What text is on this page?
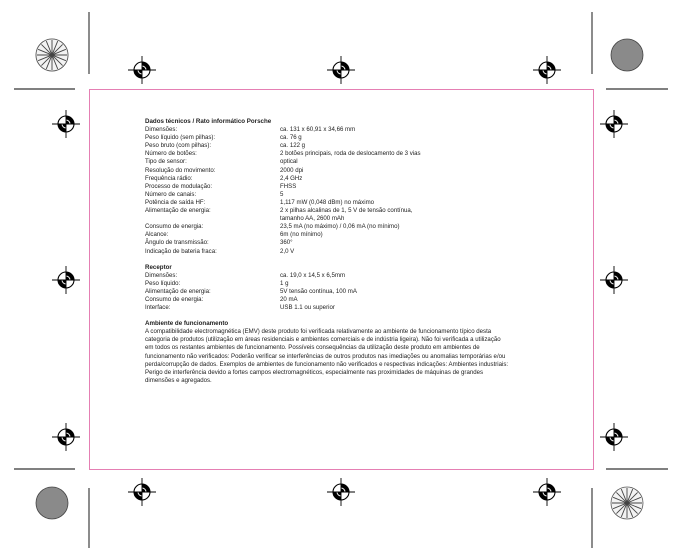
Dados técnicos / Rato informático Porsche
Dimensões:	ca. 131 x 60,91 x 34,66 mm
Peso líquido (sem pilhas):	ca. 76 g
Peso bruto (com pilhas):	ca. 122 g
Número de botões:	2 botões principais, roda de deslocamento de 3 vias
Tipo de sensor:	optical
Resolução do movimento:	2000 dpi
Frequência rádio:	2,4 GHz
Processo de modulação:	FHSS
Número de canais:	5
Potência de saída HF:	1,117 mW (0,048 dBm) no máximo
Alimentação de energia:	2 x pilhas alcalinas de 1, 5 V de tensão contínua,
tamanho AA, 2600 mAh
Consumo de energia:	23,5 mA (no máximo) / 0,06 mA (no mínimo)
Alcance:	6m (no mínimo)
Ângulo de transmissão:	360°
Indicação de bateria fraca:	2,0 V
Receptor
Dimensões:	ca. 19,0 x 14,5 x 6,5mm
Peso líquido:	1 g
Alimentação de energia:	5V tensão contínua, 100 mA
Consumo de energia:	20 mA
Interface:	USB 1.1 ou superior
Ambiente de funcionamento
A compatibilidade electromagnética (EMV) deste produto foi verificada relativamente ao ambiente de funcionamento típico desta
categoria de produtos (utilização em áreas residenciais e ambientes comerciais e de indústria ligeira). Não foi verificada a utilização
em todos os restantes ambientes de funcionamento. Possíveis consequências da utilização deste produto em ambientes de
funcionamento não verificados: Poderão verificar se interferências de outros produtos nas imediações ou anomalias temporárias e/ou
perda/corrupção de dados. Exemplos de ambientes de funcionamento não verificados e respectivas indicações: Ambientes industriais:
Perigo de interferência devido a fortes campos electromagnéticos, especialmente nas proximidades de máquinas de grandes
dimensões e agregados.
